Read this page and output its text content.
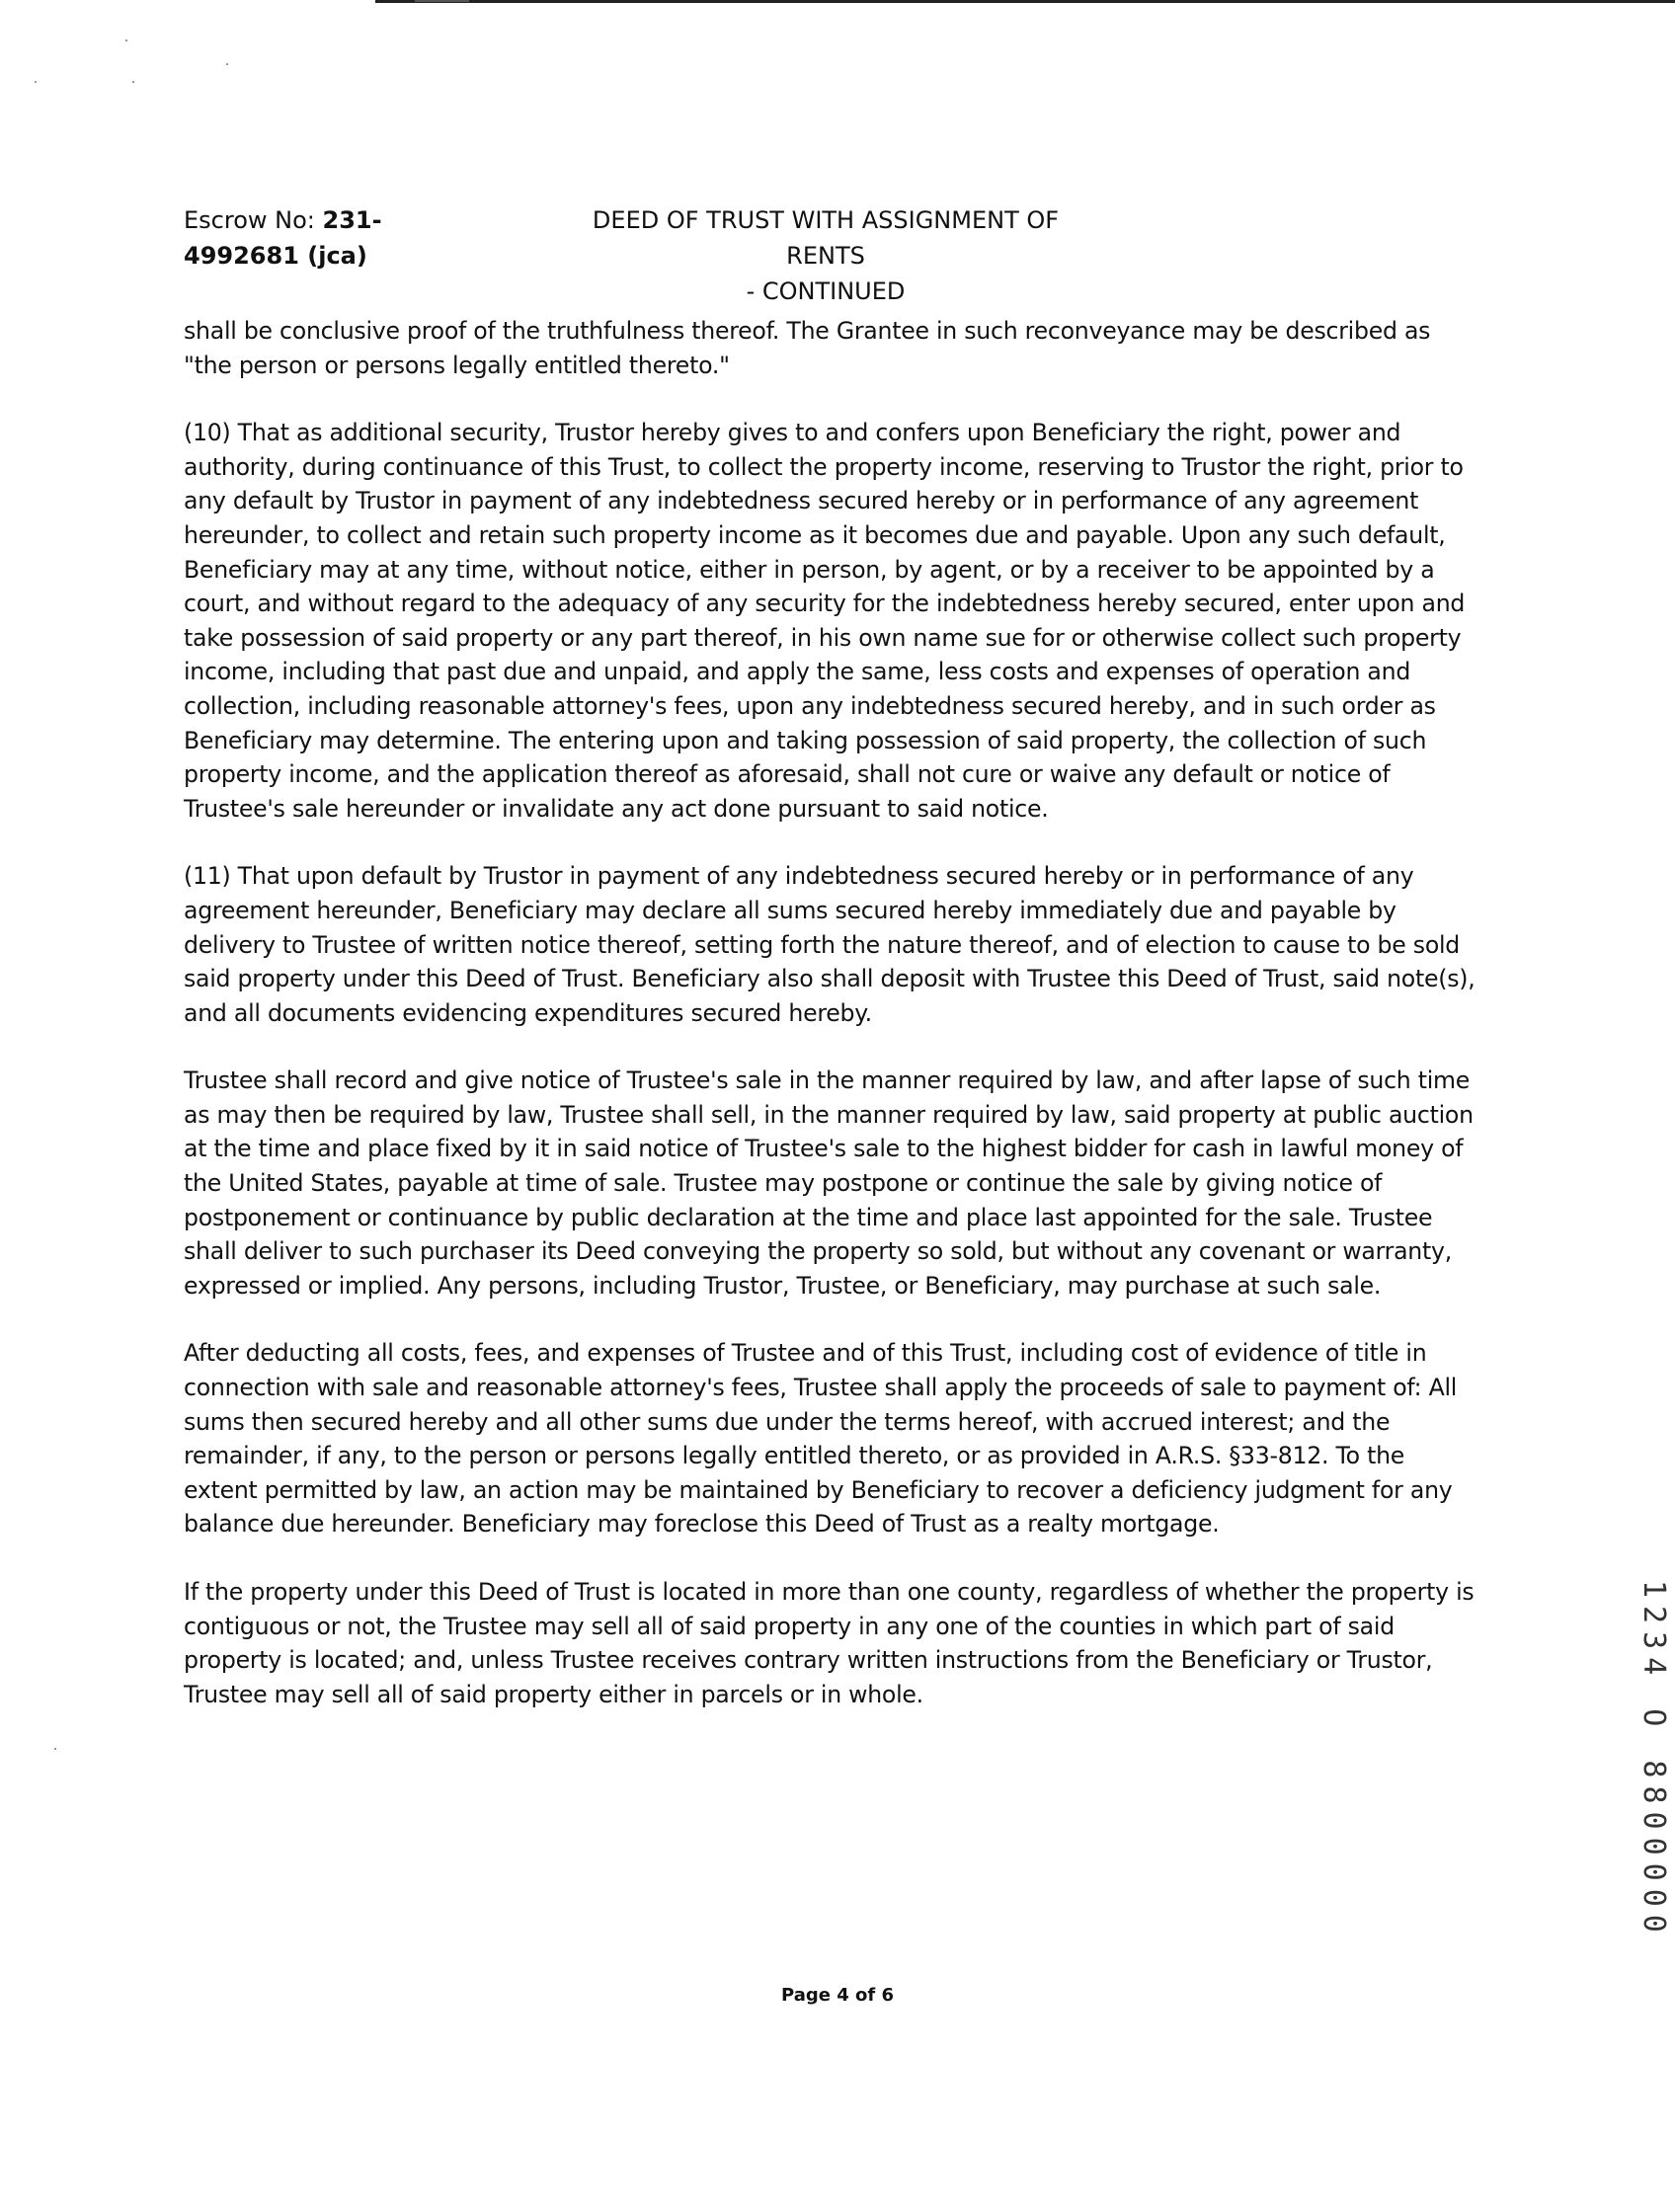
Escrow No: 231-
4992681 (jca)
DEED OF TRUST WITH ASSIGNMENT OF RENTS
- CONTINUED

shall be conclusive proof of the truthfulness thereof. The Grantee in such reconveyance may be described as "the person or persons legally entitled thereto."

(10) That as additional security, Trustor hereby gives to and confers upon Beneficiary the right, power and authority, during continuance of this Trust, to collect the property income, reserving to Trustor the right, prior to any default by Trustor in payment of any indebtedness secured hereby or in performance of any agreement hereunder, to collect and retain such property income as it becomes due and payable. Upon any such default, Beneficiary may at any time, without notice, either in person, by agent, or by a receiver to be appointed by a court, and without regard to the adequacy of any security for the indebtedness hereby secured, enter upon and take possession of said property or any part thereof, in his own name sue for or otherwise collect such property income, including that past due and unpaid, and apply the same, less costs and expenses of operation and collection, including reasonable attorney's fees, upon any indebtedness secured hereby, and in such order as Beneficiary may determine. The entering upon and taking possession of said property, the collection of such property income, and the application thereof as aforesaid, shall not cure or waive any default or notice of Trustee's sale hereunder or invalidate any act done pursuant to said notice.

(11) That upon default by Trustor in payment of any indebtedness secured hereby or in performance of any agreement hereunder, Beneficiary may declare all sums secured hereby immediately due and payable by delivery to Trustee of written notice thereof, setting forth the nature thereof, and of election to cause to be sold said property under this Deed of Trust. Beneficiary also shall deposit with Trustee this Deed of Trust, said note(s), and all documents evidencing expenditures secured hereby.

Trustee shall record and give notice of Trustee's sale in the manner required by law, and after lapse of such time as may then be required by law, Trustee shall sell, in the manner required by law, said property at public auction at the time and place fixed by it in said notice of Trustee's sale to the highest bidder for cash in lawful money of the United States, payable at time of sale. Trustee may postpone or continue the sale by giving notice of postponement or continuance by public declaration at the time and place last appointed for the sale. Trustee shall deliver to such purchaser its Deed conveying the property so sold, but without any covenant or warranty, expressed or implied. Any persons, including Trustor, Trustee, or Beneficiary, may purchase at such sale.

After deducting all costs, fees, and expenses of Trustee and of this Trust, including cost of evidence of title in connection with sale and reasonable attorney's fees, Trustee shall apply the proceeds of sale to payment of: All sums then secured hereby and all other sums due under the terms hereof, with accrued interest; and the remainder, if any, to the person or persons legally entitled thereto, or as provided in A.R.S. §33-812. To the extent permitted by law, an action may be maintained by Beneficiary to recover a deficiency judgment for any balance due hereunder. Beneficiary may foreclose this Deed of Trust as a realty mortgage.

If the property under this Deed of Trust is located in more than one county, regardless of whether the property is contiguous or not, the Trustee may sell all of said property in any one of the counties in which part of said property is located; and, unless Trustee receives contrary written instructions from the Beneficiary or Trustor, Trustee may sell all of said property either in parcels or in whole.

Page 4 of 6
1234 O 8800000
